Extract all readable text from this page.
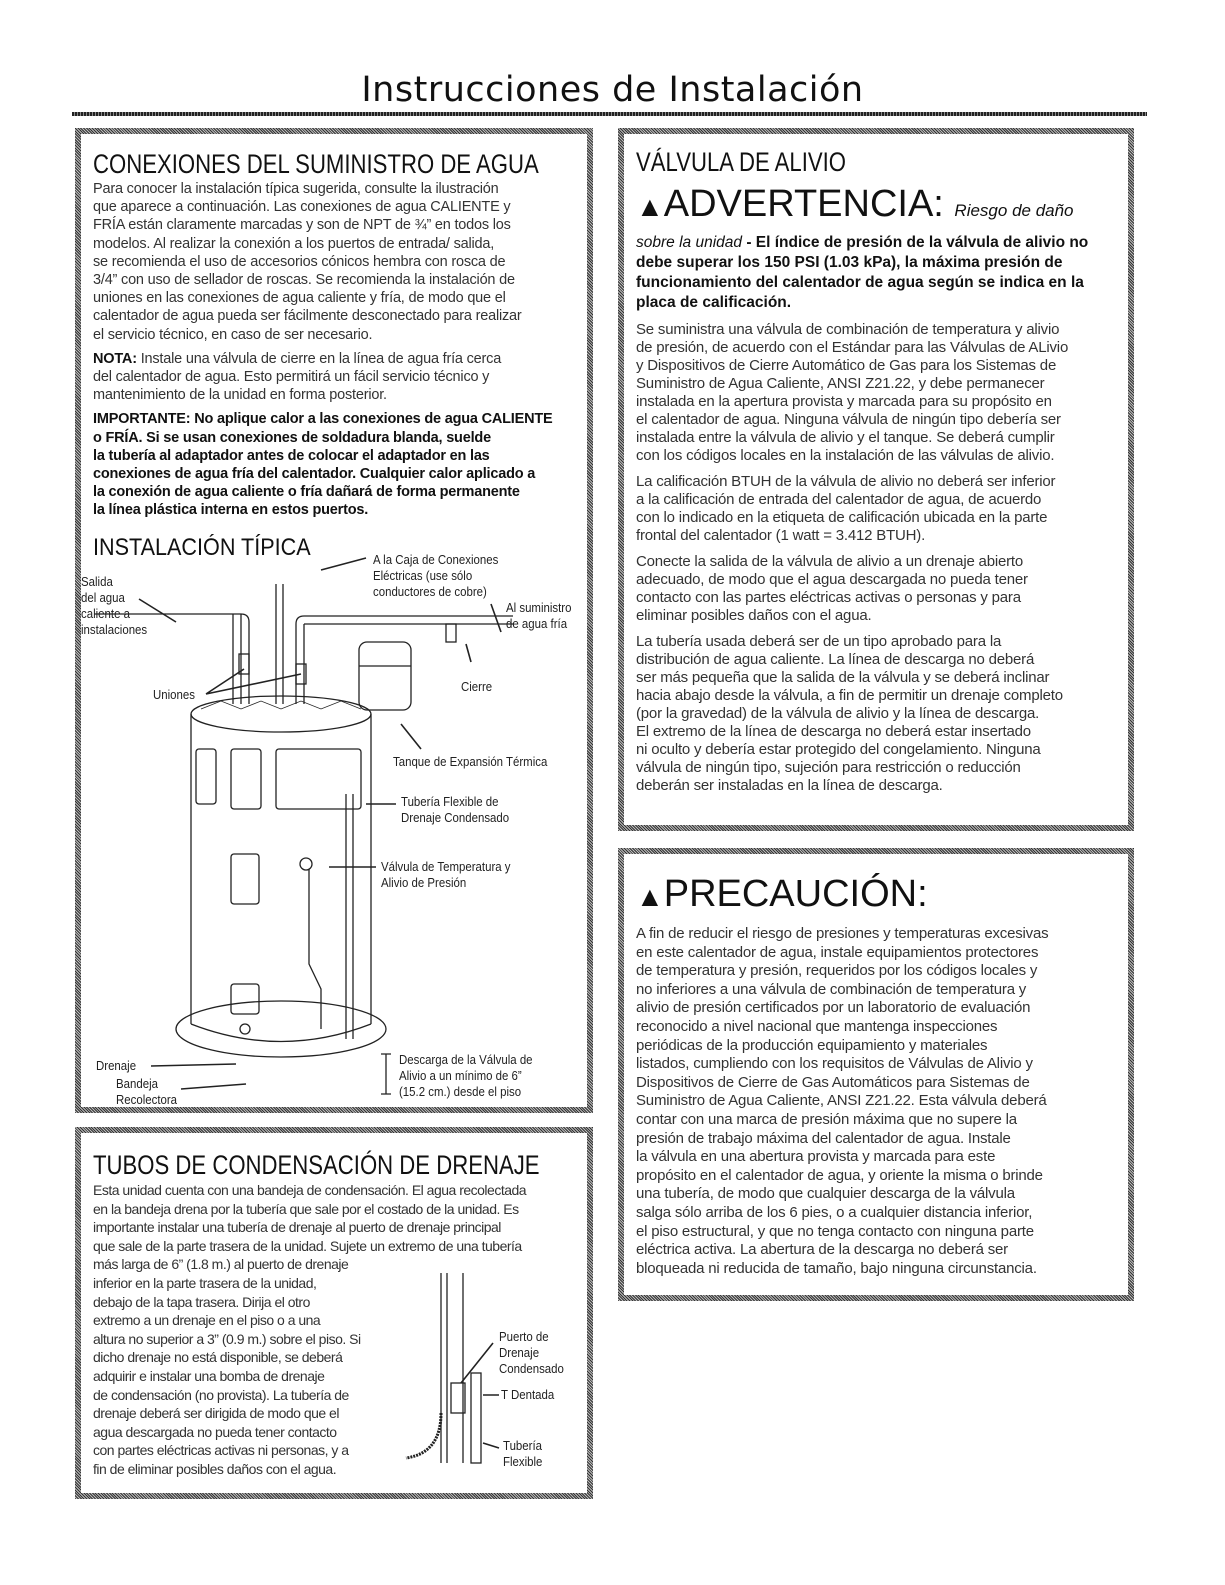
Instrucciones de Instalación
CONEXIONES DEL SUMINISTRO DE AGUA
Para conocer la instalación típica sugerida, consulte la ilustración
que aparece a continuación. Las conexiones de agua CALIENTE y
FRÍA están claramente marcadas y son de NPT de ¾” en todos los
modelos. Al realizar la conexión a los puertos de entrada/ salida,
se recomienda el uso de accesorios cónicos hembra con rosca de
3/4” con uso de sellador de roscas. Se recomienda la instalación de
uniones en las conexiones de agua caliente y fría, de modo que el
calentador de agua pueda ser fácilmente desconectado para realizar
el servicio técnico, en caso de ser necesario.
NOTA: Instale una válvula de cierre en la línea de agua fría cerca
del calentador de agua. Esto permitirá un fácil servicio técnico y
mantenimiento de la unidad en forma posterior.
IMPORTANTE: No aplique calor a las conexiones de agua CALIENTE
o FRÍA. Si se usan conexiones de soldadura blanda, suelde
la tubería al adaptador antes de colocar el adaptador en las
conexiones de agua fría del calentador. Cualquier calor aplicado a
la conexión de agua caliente o fría dañará de forma permanente
la línea plástica interna en estos puertos.
INSTALACIÓN TÍPICA
Salida
del agua
caliente a
instalaciones
A la Caja de Conexiones
Eléctricas (use sólo
conductores de cobre)
Al suministro
de agua fría
Cierre
Uniones
Tanque de Expansión Térmica
Tubería Flexible de
Drenaje Condensado
Válvula de Temperatura y
Alivio de Presión
Drenaje
Bandeja
Recolectora
Descarga de la Válvula de
Alivio a un mínimo de 6”
(15.2 cm.) desde el piso
TUBOS DE CONDENSACIÓN DE DRENAJE
Esta unidad cuenta con una bandeja de condensación. El agua recolectada
en la bandeja drena por la tubería que sale por el costado de la unidad. Es
importante instalar una tubería de drenaje al puerto de drenaje principal
que sale de la parte trasera de la unidad. Sujete un extremo de una tubería
más larga de 6” (1.8 m.) al puerto de drenaje
inferior en la parte trasera de la unidad,
debajo de la tapa trasera. Dirija el otro
extremo a un drenaje en el piso o a una
altura no superior a 3” (0.9 m.) sobre el piso. Si
dicho drenaje no está disponible, se deberá
adquirir e instalar una bomba de drenaje
de condensación (no provista). La tubería de
drenaje deberá ser dirigida de modo que el
agua descargada no pueda tener contacto
con partes eléctricas activas ni personas, y a
fin de eliminar posibles daños con el agua.
Puerto de
Drenaje
Condensado
T Dentada
Tubería
Flexible
VÁLVULA DE ALIVIO
▲ADVERTENCIA: Riesgo de daño

sobre la unidad - El índice de presión de la válvula de alivio no debe superar los 150 PSI (1.03 kPa), la máxima presión de funcionamiento del calentador de agua según se indica en la placa de calificación.

Se suministra una válvula de combinación de temperatura y alivio
de presión, de acuerdo con el Estándar para las Válvulas de ALivio
y Dispositivos de Cierre Automático de Gas para los Sistemas de
Suministro de Agua Caliente, ANSI Z21.22, y debe permanecer
instalada en la apertura provista y marcada para su propósito en
el calentador de agua. Ninguna válvula de ningún tipo debería ser
instalada entre la válvula de alivio y el tanque. Se deberá cumplir
con los códigos locales en la instalación de las válvulas de alivio.
La calificación BTUH de la válvula de alivio no deberá ser inferior
a la calificación de entrada del calentador de agua, de acuerdo
con lo indicado en la etiqueta de calificación ubicada en la parte
frontal del calentador (1 watt = 3.412 BTUH).
Conecte la salida de la válvula de alivio a un drenaje abierto
adecuado, de modo que el agua descargada no pueda tener
contacto con las partes eléctricas activas o personas y para
eliminar posibles daños con el agua.
La tubería usada deberá ser de un tipo aprobado para la
distribución de agua caliente. La línea de descarga no deberá
ser más pequeña que la salida de la válvula y se deberá inclinar
hacia abajo desde la válvula, a fin de permitir un drenaje completo
(por la gravedad) de la válvula de alivio y la línea de descarga.
El extremo de la línea de descarga no deberá estar insertado
ni oculto y debería estar protegido del congelamiento. Ninguna
válvula de ningún tipo, sujeción para restricción o reducción
deberán ser instaladas en la línea de descarga.
▲PRECAUCIÓN:
A fin de reducir el riesgo de presiones y temperaturas excesivas
en este calentador de agua, instale equipamientos protectores
de temperatura y presión, requeridos por los códigos locales y
no inferiores a una válvula de combinación de temperatura y
alivio de presión certificados por un laboratorio de evaluación
reconocido a nivel nacional que mantenga inspecciones
periódicas de la producción equipamiento y materiales
listados, cumpliendo con los requisitos de Válvulas de Alivio y
Dispositivos de Cierre de Gas Automáticos para Sistemas de
Suministro de Agua Caliente, ANSI Z21.22. Esta válvula deberá
contar con una marca de presión máxima que no supere la
presión de trabajo máxima del calentador de agua. Instale
la válvula en una abertura provista y marcada para este
propósito en el calentador de agua, y oriente la misma o brinde
una tubería, de modo que cualquier descarga de la válvula
salga sólo arriba de los 6 pies, o a cualquier distancia inferior,
el piso estructural, y que no tenga contacto con ninguna parte
eléctrica activa. La abertura de la descarga no deberá ser
bloqueada ni reducida de tamaño, bajo ninguna circunstancia.
